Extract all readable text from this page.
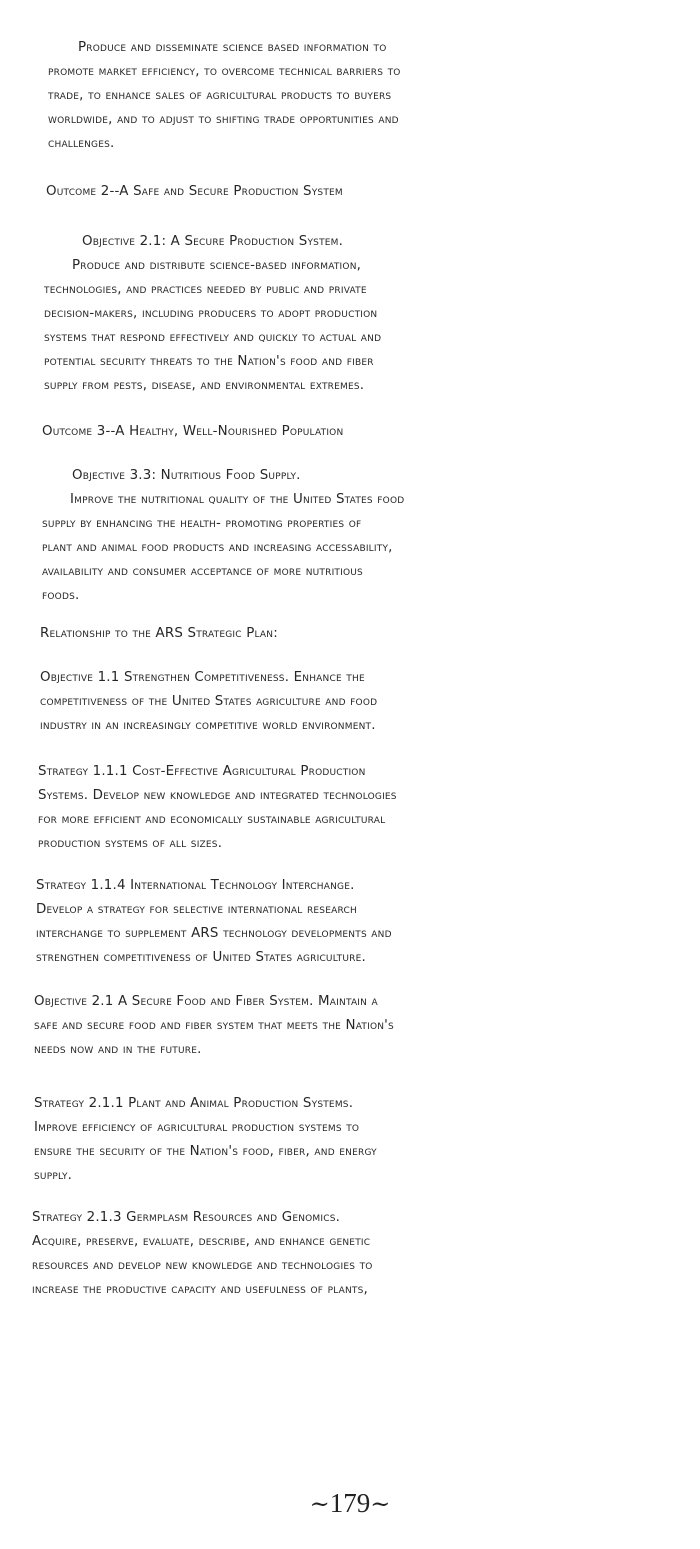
Produce and disseminate science based information to
promote market efficiency, to overcome technical barriers to
trade, to enhance sales of agricultural products to buyers
worldwide, and to adjust to shifting trade opportunities and
challenges.

Outcome 2--A Safe and Secure Production System

Objective 2.1: A Secure Production System.
Produce and distribute science-based information,
technologies, and practices needed by public and private
decision-makers, including producers to adopt production
systems that respond effectively and quickly to actual and
potential security threats to the Nation's food and fiber
supply from pests, disease, and environmental extremes.

Outcome 3--A Healthy, Well-Nourished Population

Objective 3.3: Nutritious Food Supply.
Improve the nutritional quality of the United States food
supply by enhancing the health- promoting properties of
plant and animal food products and increasing accessability,
availability and consumer acceptance of more nutritious
foods.

Relationship to the ARS Strategic Plan:

Objective 1.1 Strengthen Competitiveness. Enhance the
competitiveness of the United States agriculture and food
industry in an increasingly competitive world environment.

Strategy 1.1.1 Cost-Effective Agricultural Production
Systems. Develop new knowledge and integrated technologies
for more efficient and economically sustainable agricultural
production systems of all sizes.

Strategy 1.1.4 International Technology Interchange.
Develop a strategy for selective international research
interchange to supplement ARS technology developments and
strengthen competitiveness of United States agriculture.

Objective 2.1 A Secure Food and Fiber System. Maintain a
safe and secure food and fiber system that meets the Nation's
needs now and in the future.

Strategy 2.1.1 Plant and Animal Production Systems.
Improve efficiency of agricultural production systems to
ensure the security of the Nation's food, fiber, and energy
supply.

Strategy 2.1.3 Germplasm Resources and Genomics.
Acquire, preserve, evaluate, describe, and enhance genetic
resources and develop new knowledge and technologies to
increase the productive capacity and usefulness of plants,

~179~
